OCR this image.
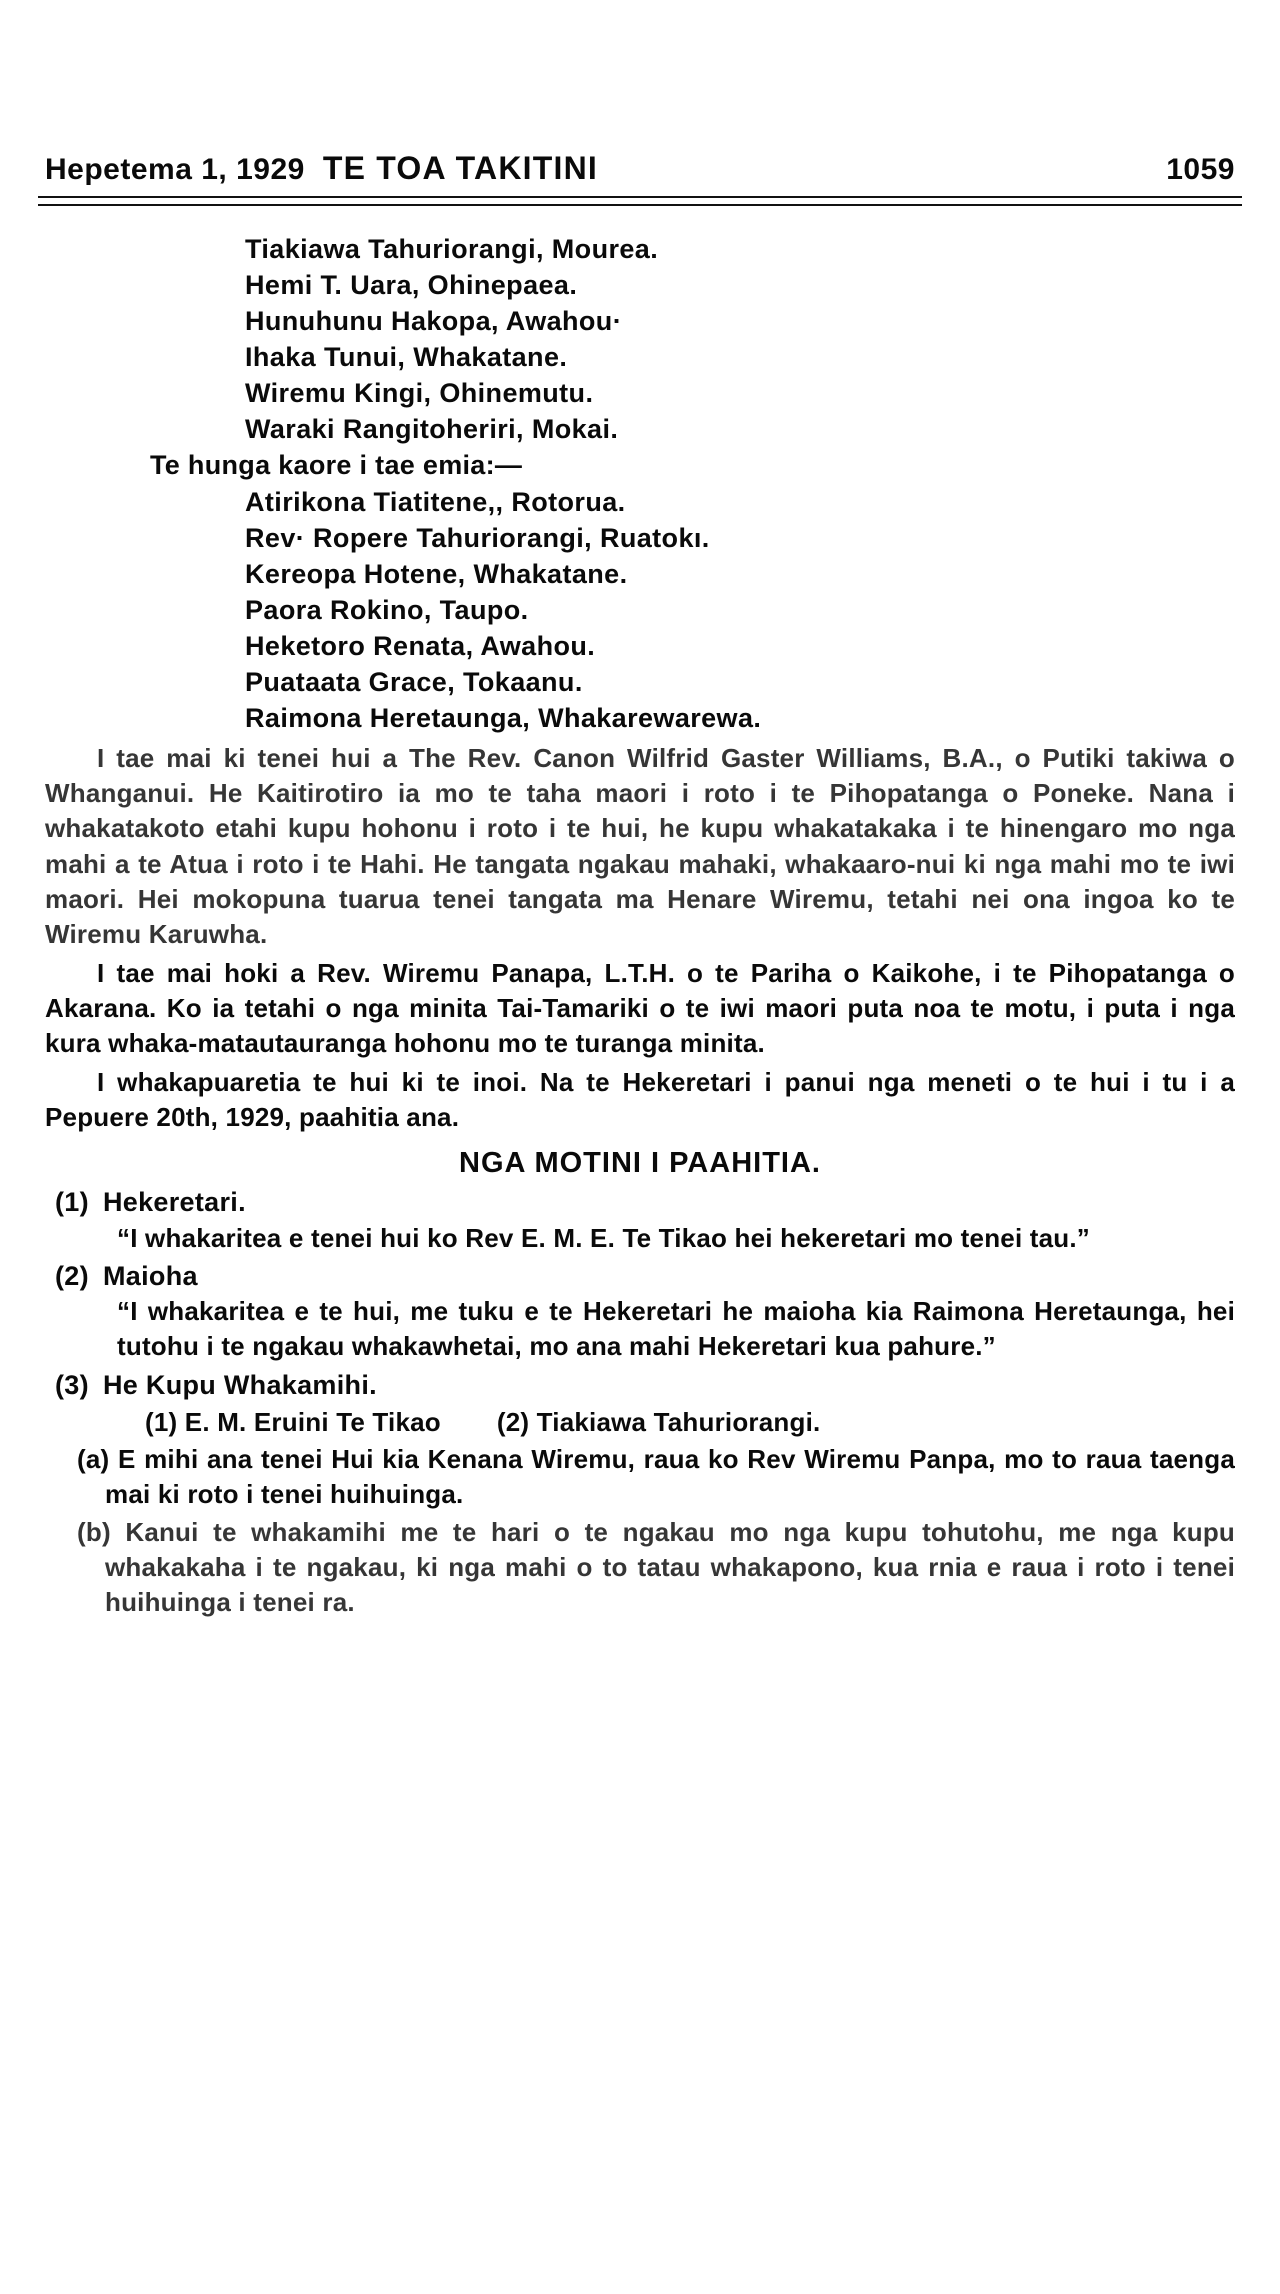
Hepetema 1, 1929 TE TOA TAKITINI	1059
Tiakiawa Tahuriorangi, Mourea.
Hemi T. Uara, Ohinepaea.
Hunuhunu Hakopa, Awahou·
Ihaka Tunui, Whakatane.
Wiremu Kingi, Ohinemutu.
Waraki Rangitoheriri, Mokai.
Te hunga kaore i tae emia:—
Atirikona Tiatitene,, Rotorua.
Rev· Ropere Tahuriorangi, Ruatokı.
Kereopa Hotene, Whakatane.
Paora Rokino, Taupo.
Heketoro Renata, Awahou.
Puataata Grace, Tokaanu.
Raimona Heretaunga, Whakarewarewa.

I tae mai ki tenei hui a The Rev. Canon Wilfrid Gaster Williams, B.A., o Putiki takiwa o Whanganui. He Kaitirotiro ia mo te taha maori i roto i te Pihopatanga o Poneke. Nana i whakatakoto etahi kupu hohonu i roto i te hui, he kupu whakatakaka i te hinengaro mo nga mahi a te Atua i roto i te Hahi. He tangata ngakau mahaki, whakaaro-nui ki nga mahi mo te iwi maori. Hei mokopuna tuarua tenei tangata ma Henare Wiremu, tetahi nei ona ingoa ko te Wiremu Karuwha.

I tae mai hoki a Rev. Wiremu Panapa, L.T.H. o te Pariha o Kaikohe, i te Pihopatanga o Akarana. Ko ia tetahi o nga minita Tai-Tamariki o te iwi maori puta noa te motu, i puta i nga kura whaka-matautauranga hohonu mo te turanga minita.

I whakapuaretia te hui ki te inoi. Na te Hekeretari i panui nga meneti o te hui i tu i a Pepuere 20th, 1929, paahitia ana.

NGA MOTINI I PAAHITIA.
(1) Hekeretari.
“I whakaritea e tenei hui ko Rev E. M. E. Te Tikao hei hekeretari mo tenei tau.”
(2) Maioha
“I whakaritea e te hui, me tuku e te Hekeretari he maioha kia Raimona Heretaunga, hei tutohu i te ngakau whakawhetai, mo ana mahi Hekeretari kua pahure.”
(3) He Kupu Whakamihi.
(1) E. M. Eruini Te Tikao (2) Tiakiawa Tahuriorangi.
(a) E mihi ana tenei Hui kia Kenana Wiremu, raua ko Rev Wiremu Panpa, mo to raua taenga mai ki roto i tenei huihuinga.
(b) Kanui te whakamihi me te hari o te ngakau mo nga kupu tohutohu, me nga kupu whakakaha i te ngakau, ki nga mahi o to tatau whakapono, kua rnia e raua i roto i tenei huihuinga i tenei ra.
